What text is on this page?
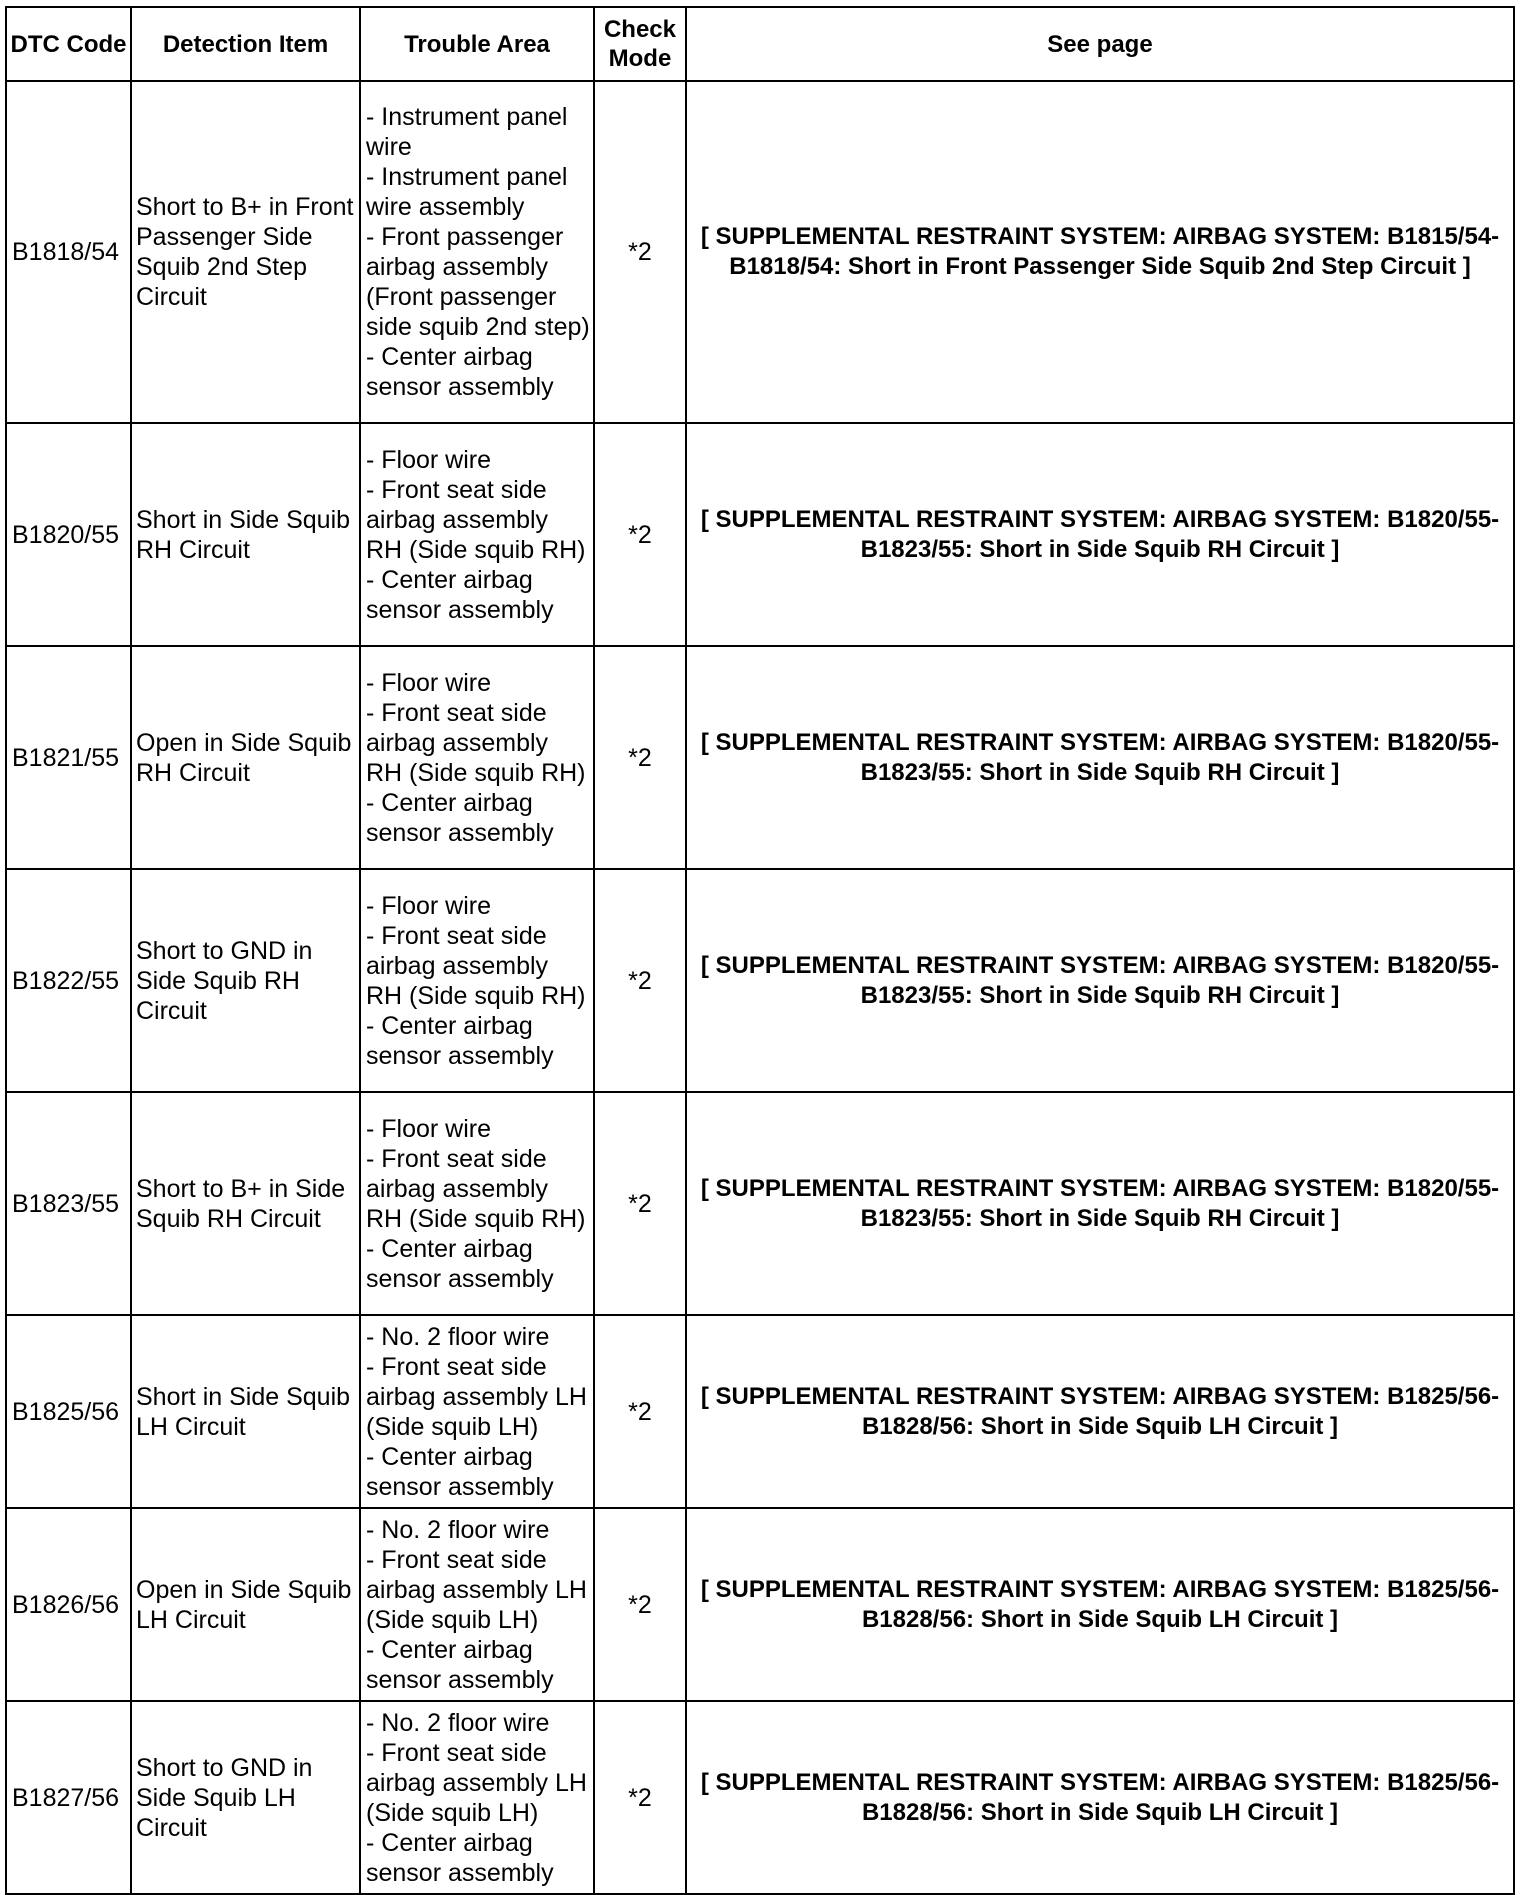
DTC Code	Detection Item	Trouble Area	Check Mode	See page
B1818/54	Short to B+ in Front Passenger Side Squib 2nd Step Circuit	- Instrument panel wire
- Instrument panel wire assembly
- Front passenger airbag assembly (Front passenger side squib 2nd step)
- Center airbag sensor assembly	*2	[ SUPPLEMENTAL RESTRAINT SYSTEM: AIRBAG SYSTEM: B1815/54-B1818/54: Short in Front Passenger Side Squib 2nd Step Circuit ]
B1820/55	Short in Side Squib RH Circuit	- Floor wire
- Front seat side airbag assembly RH (Side squib RH)
- Center airbag sensor assembly	*2	[ SUPPLEMENTAL RESTRAINT SYSTEM: AIRBAG SYSTEM: B1820/55-B1823/55: Short in Side Squib RH Circuit ]
B1821/55	Open in Side Squib RH Circuit	- Floor wire
- Front seat side airbag assembly RH (Side squib RH)
- Center airbag sensor assembly	*2	[ SUPPLEMENTAL RESTRAINT SYSTEM: AIRBAG SYSTEM: B1820/55-B1823/55: Short in Side Squib RH Circuit ]
B1822/55	Short to GND in Side Squib RH Circuit	- Floor wire
- Front seat side airbag assembly RH (Side squib RH)
- Center airbag sensor assembly	*2	[ SUPPLEMENTAL RESTRAINT SYSTEM: AIRBAG SYSTEM: B1820/55-B1823/55: Short in Side Squib RH Circuit ]
B1823/55	Short to B+ in Side Squib RH Circuit	- Floor wire
- Front seat side airbag assembly RH (Side squib RH)
- Center airbag sensor assembly	*2	[ SUPPLEMENTAL RESTRAINT SYSTEM: AIRBAG SYSTEM: B1820/55-B1823/55: Short in Side Squib RH Circuit ]
B1825/56	Short in Side Squib LH Circuit	- No. 2 floor wire
- Front seat side airbag assembly LH (Side squib LH)
- Center airbag sensor assembly	*2	[ SUPPLEMENTAL RESTRAINT SYSTEM: AIRBAG SYSTEM: B1825/56-B1828/56: Short in Side Squib LH Circuit ]
B1826/56	Open in Side Squib LH Circuit	- No. 2 floor wire
- Front seat side airbag assembly LH (Side squib LH)
- Center airbag sensor assembly	*2	[ SUPPLEMENTAL RESTRAINT SYSTEM: AIRBAG SYSTEM: B1825/56-B1828/56: Short in Side Squib LH Circuit ]
B1827/56	Short to GND in Side Squib LH Circuit	- No. 2 floor wire
- Front seat side airbag assembly LH (Side squib LH)
- Center airbag sensor assembly	*2	[ SUPPLEMENTAL RESTRAINT SYSTEM: AIRBAG SYSTEM: B1825/56-B1828/56: Short in Side Squib LH Circuit ]
